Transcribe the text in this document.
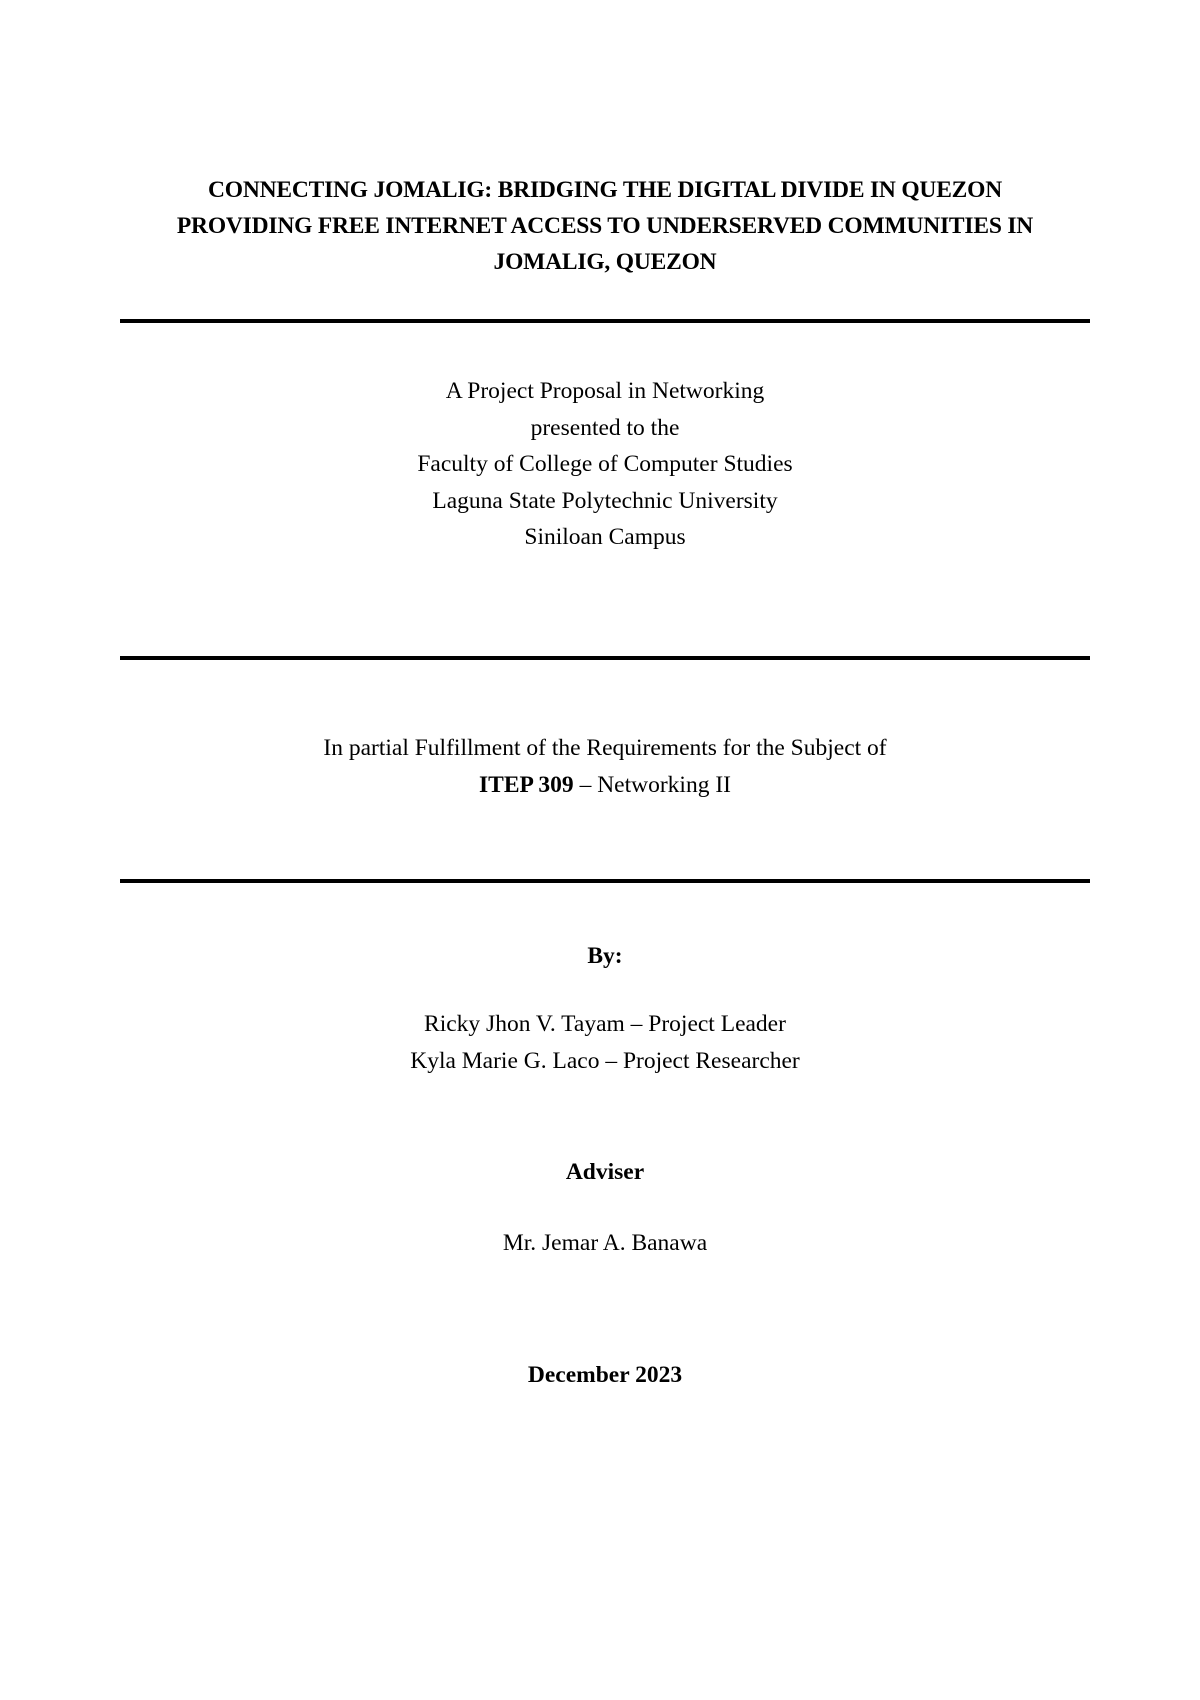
CONNECTING JOMALIG: BRIDGING THE DIGITAL DIVIDE IN QUEZON
PROVIDING FREE INTERNET ACCESS TO UNDERSERVED COMMUNITIES IN
JOMALIG, QUEZON
A Project Proposal in Networking
presented to the
Faculty of College of Computer Studies
Laguna State Polytechnic University
Siniloan Campus
In partial Fulfillment of the Requirements for the Subject of
ITEP 309 – Networking II
By:
Ricky Jhon V. Tayam – Project Leader
Kyla Marie G. Laco – Project Researcher
Adviser
Mr. Jemar A. Banawa
December 2023
